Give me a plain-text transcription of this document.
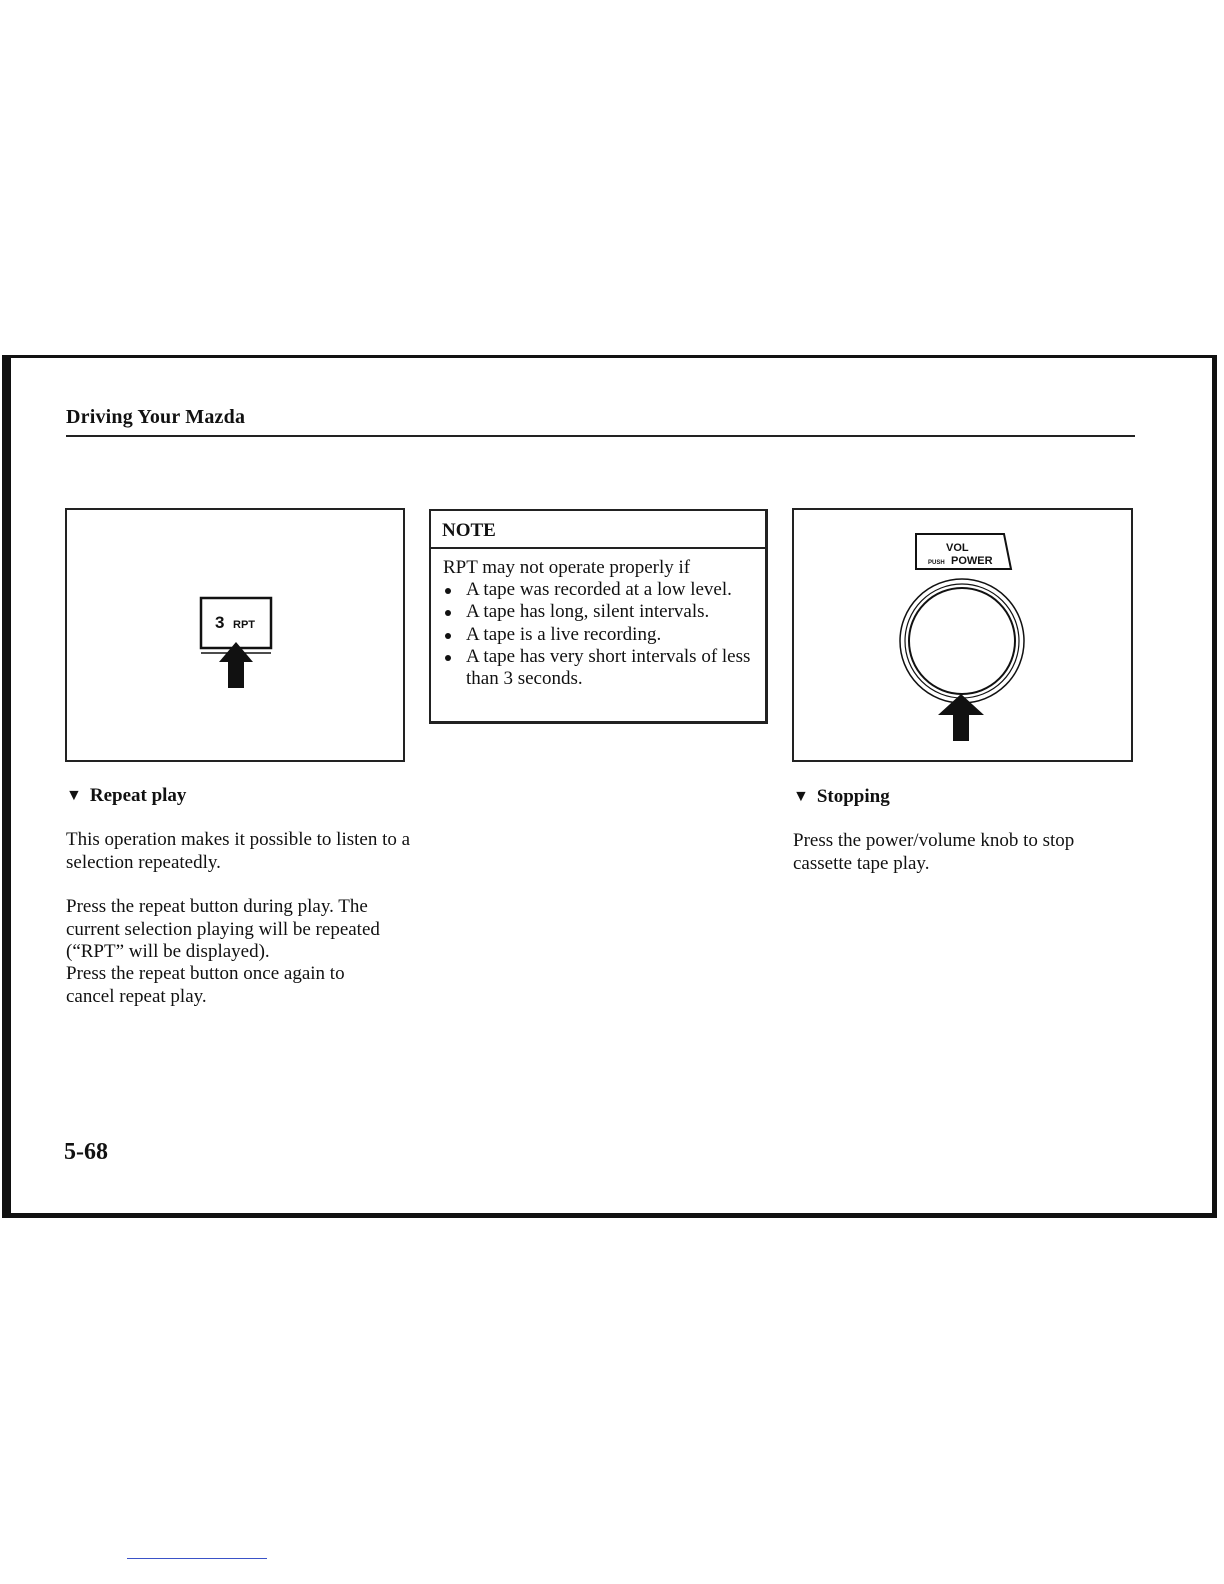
Driving Your Mazda
3 RPT
NOTE
RPT may not operate properly if
A tape was recorded at a low level.
A tape has long, silent intervals.
A tape is a live recording.
A tape has very short intervals of less than 3 seconds.
VOL
PUSH POWER
▼ Repeat play
This operation makes it possible to listen to a selection repeatedly.
Press the repeat button during play. The current selection playing will be repeated (“RPT” will be displayed).
Press the repeat button once again to cancel repeat play.
▼ Stopping
Press the power/volume knob to stop cassette tape play.
5-68
